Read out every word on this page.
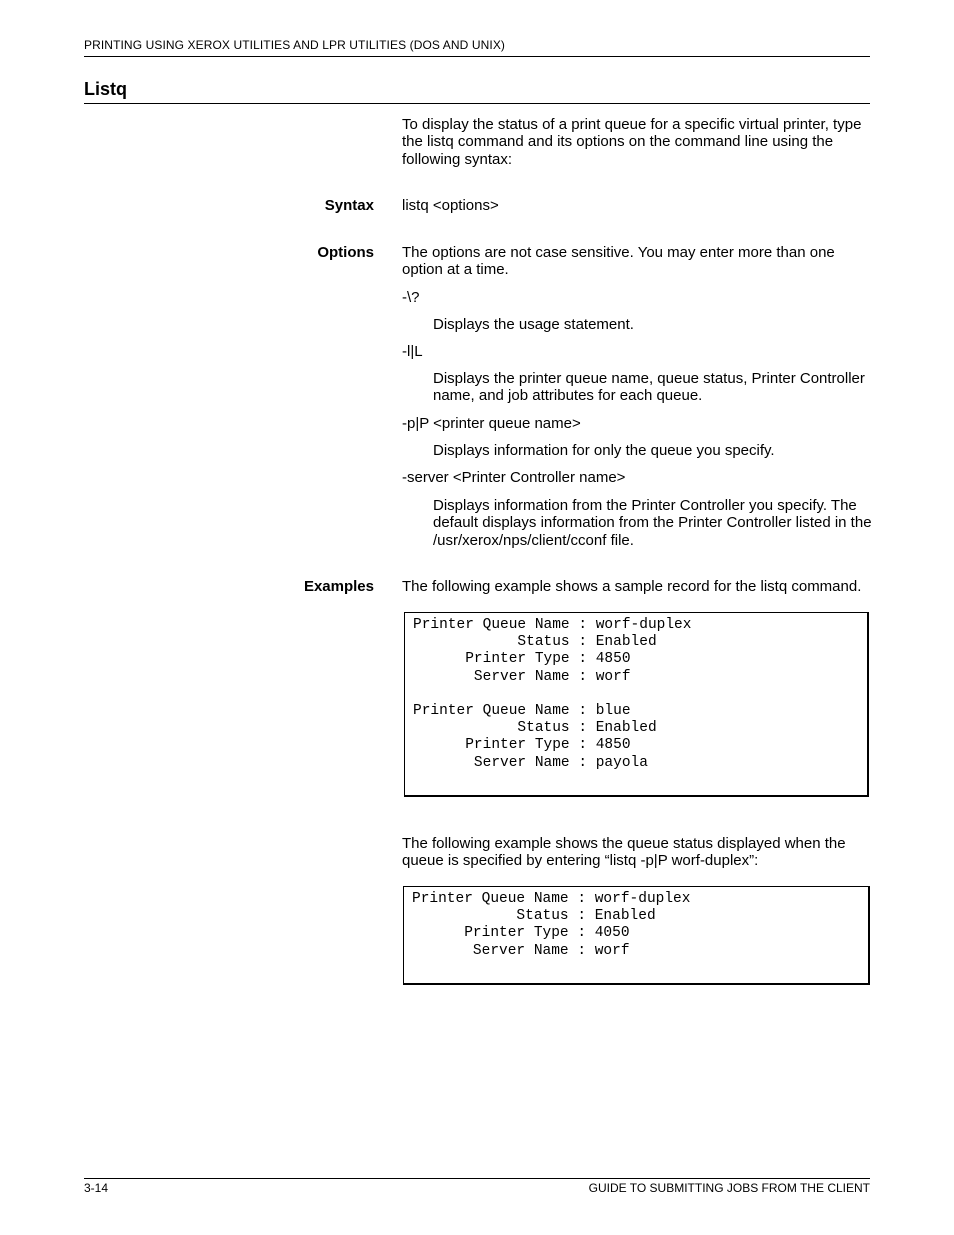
PRINTING USING XEROX UTILITIES AND LPR UTILITIES (DOS AND UNIX)
Listq
To display the status of a print queue for a specific virtual printer, type the listq command and its options on the command line using the following syntax:
Syntax listq <options>
Options The options are not case sensitive. You may enter more than one option at a time.
-\?
Displays the usage statement.
-l|L
Displays the printer queue name, queue status, Printer Controller name, and job attributes for each queue.
-p|P <printer queue name>
Displays information for only the queue you specify.
-server <Printer Controller name>
Displays information from the Printer Controller you specify. The default displays information from the Printer Controller listed in the /usr/xerox/nps/client/cconf file.
Examples The following example shows a sample record for the listq command.
Printer Queue Name : worf-duplex
Status : Enabled
Printer Type : 4850
Server Name : worf
Printer Queue Name : blue
Status : Enabled
Printer Type : 4850
Server Name : payola
The following example shows the queue status displayed when the queue is specified by entering “listq -p|P worf-duplex”:
Printer Queue Name : worf-duplex
Status : Enabled
Printer Type : 4050
Server Name : worf
3-14	GUIDE TO SUBMITTING JOBS FROM THE CLIENT
